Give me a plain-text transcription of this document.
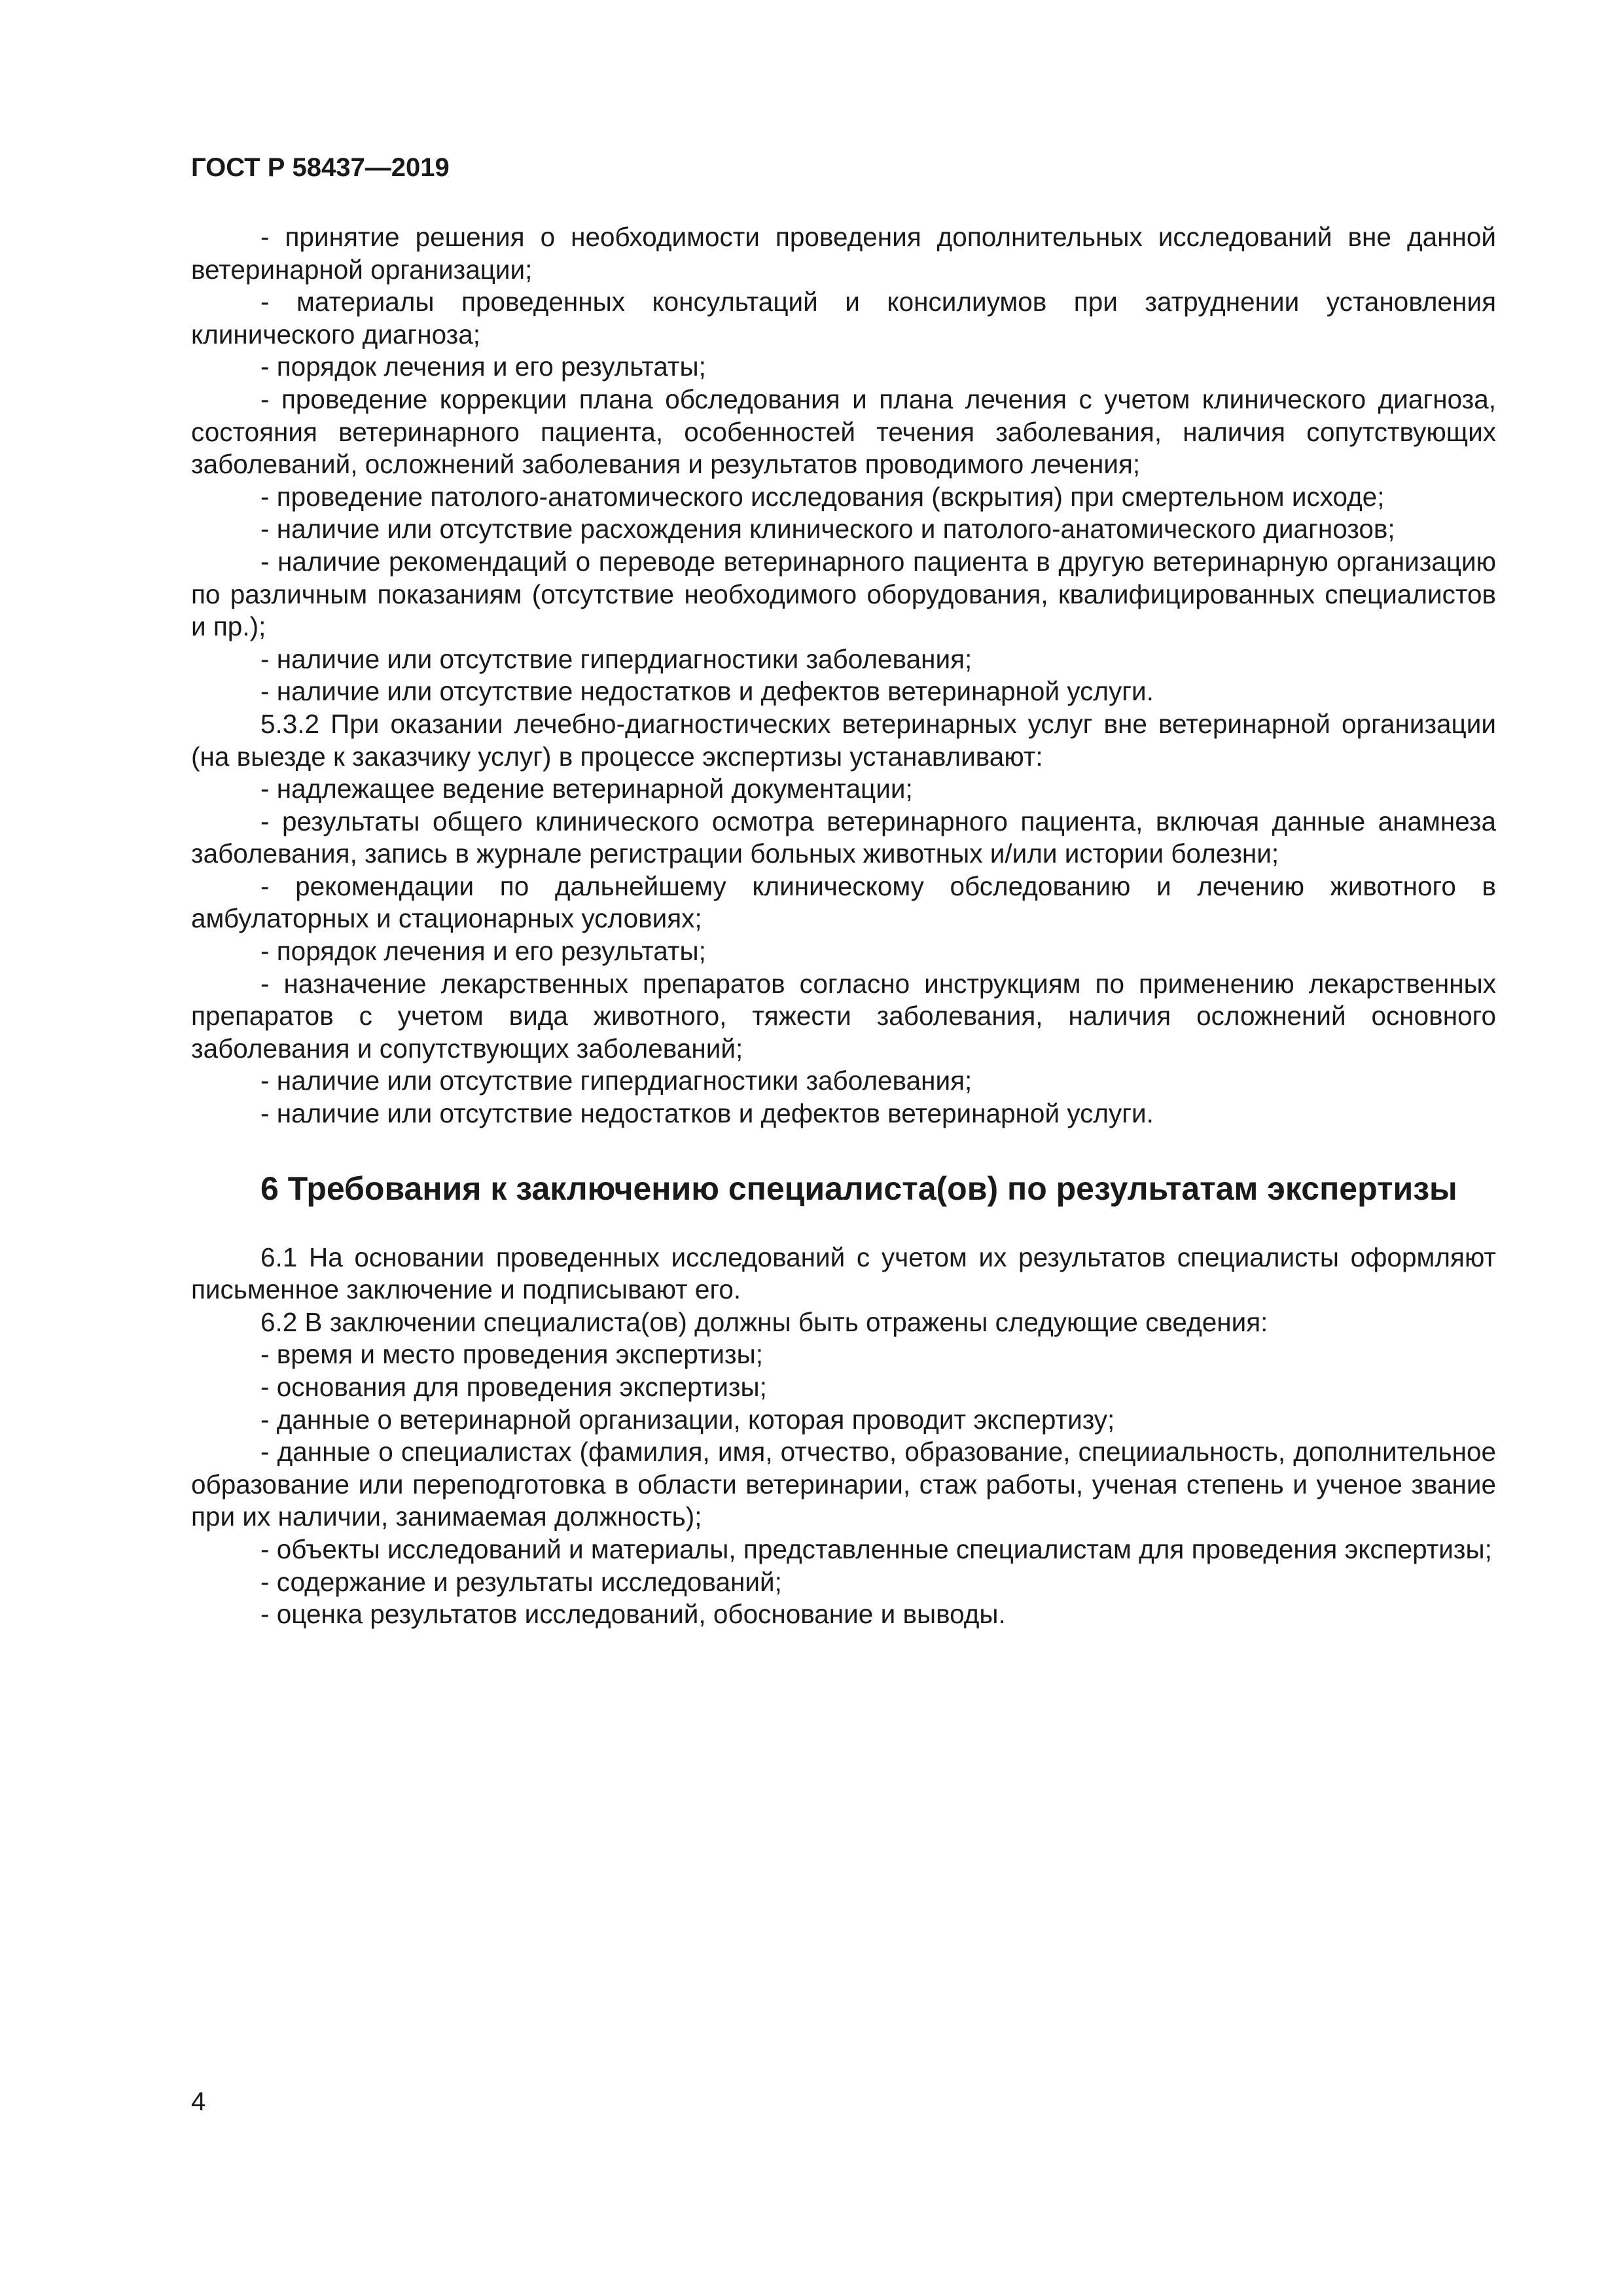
ГОСТ Р 58437—2019

- принятие решения о необходимости проведения дополнительных исследований вне данной ветеринарной организации;

- материалы проведенных консультаций и консилиумов при затруднении установления клинического диагноза;

- порядок лечения и его результаты;

- проведение коррекции плана обследования и плана лечения с учетом клинического диагноза, состояния ветеринарного пациента, особенностей течения заболевания, наличия сопутствующих заболеваний, осложнений заболевания и результатов проводимого лечения;

- проведение патолого-анатомического исследования (вскрытия) при смертельном исходе;

- наличие или отсутствие расхождения клинического и патолого-анатомического диагнозов;

- наличие рекомендаций о переводе ветеринарного пациента в другую ветеринарную организацию по различным показаниям (отсутствие необходимого оборудования, квалифицированных специалистов и пр.);

- наличие или отсутствие гипердиагностики заболевания;

- наличие или отсутствие недостатков и дефектов ветеринарной услуги.

5.3.2 При оказании лечебно-диагностических ветеринарных услуг вне ветеринарной организации (на выезде к заказчику услуг) в процессе экспертизы устанавливают:

- надлежащее ведение ветеринарной документации;

- результаты общего клинического осмотра ветеринарного пациента, включая данные анамнеза заболевания, запись в журнале регистрации больных животных и/или истории болезни;

- рекомендации по дальнейшему клиническому обследованию и лечению животного в амбулаторных и стационарных условиях;

- порядок лечения и его результаты;

- назначение лекарственных препаратов согласно инструкциям по применению лекарственных препаратов с учетом вида животного, тяжести заболевания, наличия осложнений основного заболевания и сопутствующих заболеваний;

- наличие или отсутствие гипердиагностики заболевания;

- наличие или отсутствие недостатков и дефектов ветеринарной услуги.

6 Требования к заключению специалиста(ов) по результатам экспертизы

6.1 На основании проведенных исследований с учетом их результатов специалисты оформляют письменное заключение и подписывают его.

6.2 В заключении специалиста(ов) должны быть отражены следующие сведения:

- время и место проведения экспертизы;

- основания для проведения экспертизы;

- данные о ветеринарной организации, которая проводит экспертизу;

- данные о специалистах (фамилия, имя, отчество, образование, специиальность, дополнительное образование или переподготовка в области ветеринарии, стаж работы, ученая степень и ученое звание при их наличии, занимаемая должность);

- объекты исследований и материалы, представленные специалистам для проведения экспертизы;

- содержание и результаты исследований;

- оценка результатов исследований, обоснование и выводы.

4
